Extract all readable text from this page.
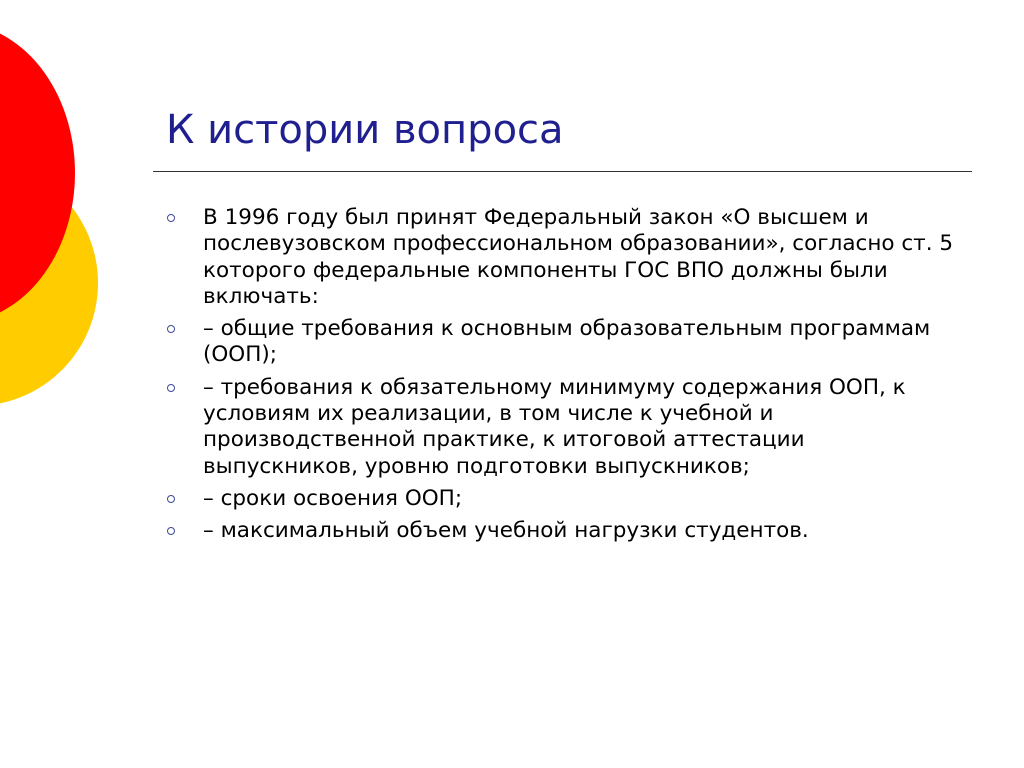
К истории вопроса
В 1996 году был принят Федеральный закон «О высшем и послевузовском профессиональном образовании», согласно ст. 5 которого федеральные компоненты ГОС ВПО должны были включать:
– общие требования к основным образовательным программам (ООП);
– требования к обязательному минимуму содержания ООП, к условиям их реализации, в том числе к учебной и производственной практике, к итоговой аттестации выпускников, уровню подготовки выпускников;
– сроки освоения ООП;
– максимальный объем учебной нагрузки студентов.
